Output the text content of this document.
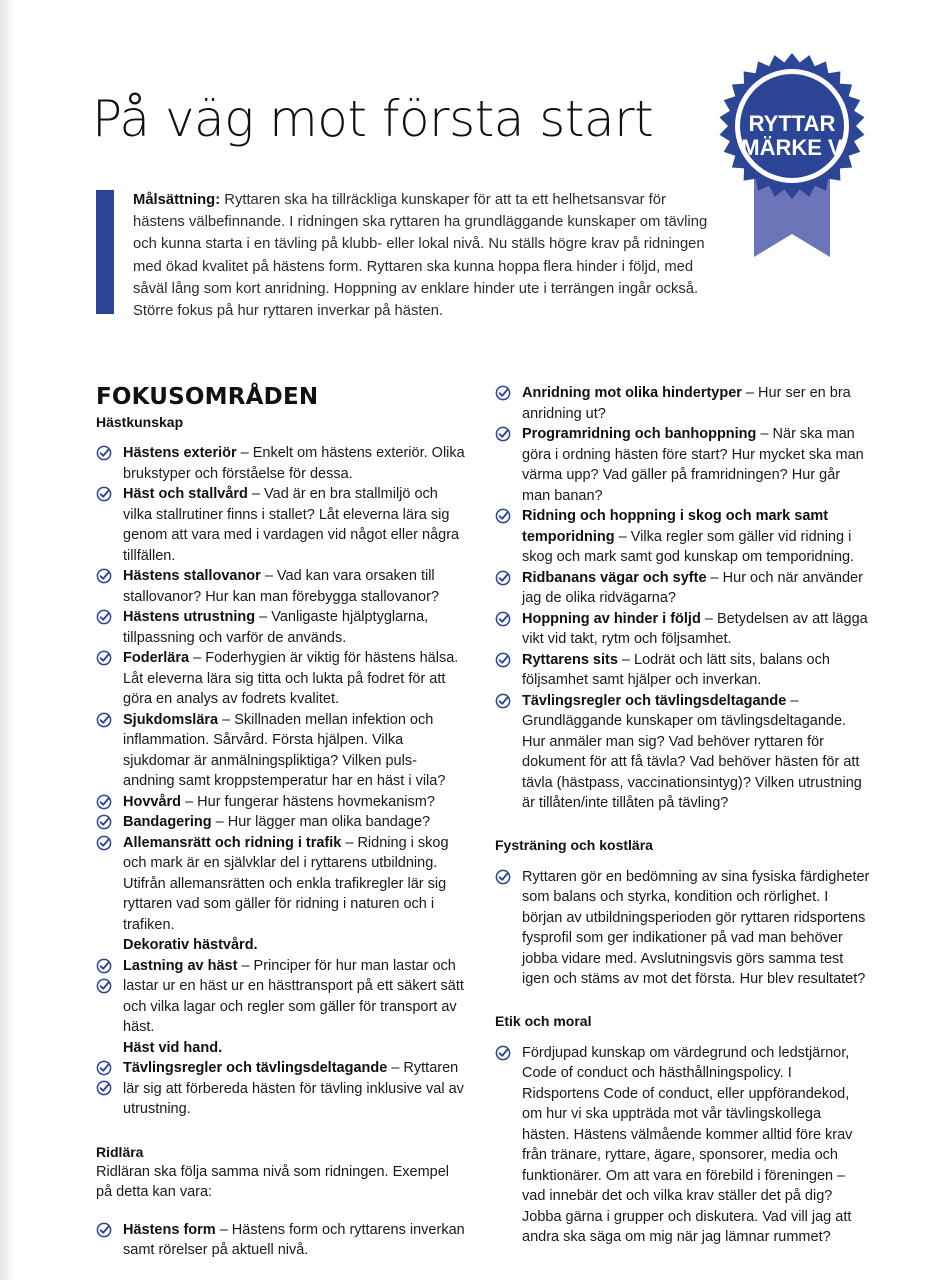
På väg mot första start	RYTTAR
MÄRKE V

Målsättning: Ryttaren ska ha tillräckliga kunskaper för att ta ett helhetsansvar för hästens välbefinnande. I ridningen ska ryttaren ha grundläggande kunskaper om tävling och kunna starta i en tävling på klubb- eller lokal nivå. Nu ställs högre krav på ridningen med ökad kvalitet på hästens form. Ryttaren ska kunna hoppa flera hinder i följd, med såväl lång som kort anridning. Hoppning av enklare hinder ute i terrängen ingår också. Större fokus på hur ryttaren inverkar på hästen.

FOKUSOMRÅDEN

Hästkunskap

Hästens exteriör – Enkelt om hästens exteriör. Olika brukstyper och förståelse för dessa.
Häst och stallvård – Vad är en bra stallmiljö och vilka stallrutiner finns i stallet? Låt eleverna lära sig genom att vara med i vardagen vid något eller några tillfällen.
Hästens stallovanor – Vad kan vara orsaken till stallovanor? Hur kan man förebygga stallovanor?
Hästens utrustning – Vanligaste hjälptyglarna, tillpassning och varför de används.
Foderlära – Foderhygien är viktig för hästens hälsa. Låt eleverna lära sig titta och lukta på fodret för att göra en analys av fodrets kvalitet.
Sjukdomslära – Skillnaden mellan infektion och inflammation. Sårvård. Första hjälpen. Vilka sjukdomar är anmälningspliktiga? Vilken puls- andning samt kroppstemperatur har en häst i vila?
Hovvård – Hur fungerar hästens hovmekanism?
Bandagering – Hur lägger man olika bandage?
Allemansrätt och ridning i trafik – Ridning i skog och mark är en självklar del i ryttarens utbildning. Utifrån allemansrätten och enkla trafikregler lär sig ryttaren vad som gäller för ridning i naturen och i trafiken.

Dekorativ hästvård.

Lastning av häst – Principer för hur man lastar och lastar ur en häst ur en hästtransport på ett säkert sätt och vilka lagar och regler som gäller för transport av häst.

Häst vid hand.

Tävlingsregler och tävlingsdeltagande – Ryttaren lär sig att förbereda hästen för tävling inklusive val av utrustning.

Ridlära

Ridläran ska följa samma nivå som ridningen. Exempel på detta kan vara:

Hästens form – Hästens form och ryttarens inverkan samt rörelser på aktuell nivå.
Anridning mot olika hindertyper – Hur ser en bra anridning ut?
Programridning och banhoppning – När ska man göra i ordning hästen före start? Hur mycket ska man värma upp? Vad gäller på framridningen? Hur går man banan?
Ridning och hoppning i skog och mark samt temporidning – Vilka regler som gäller vid ridning i skog och mark samt god kunskap om temporidning.
Ridbanans vägar och syfte – Hur och när använder jag de olika ridvägarna?
Hoppning av hinder i följd – Betydelsen av att lägga vikt vid takt, rytm och följsamhet.
Ryttarens sits – Lodrät och lätt sits, balans och följsamhet samt hjälper och inverkan.
Tävlingsregler och tävlingsdeltagande – Grundläggande kunskaper om tävlingsdeltagande. Hur anmäler man sig? Vad behöver ryttaren för dokument för att få tävla? Vad behöver hästen för att tävla (hästpass, vaccinationsintyg)? Vilken utrustning är tillåten/inte tillåten på tävling?

Fysträning och kostlära

Ryttaren gör en bedömning av sina fysiska färdigheter som balans och styrka, kondition och rörlighet. I början av utbildningsperioden gör ryttaren ridsportens fysprofil som ger indikationer på vad man behöver jobba vidare med. Avslutningsvis görs samma test igen och stäms av mot det första. Hur blev resultatet?

Etik och moral

Fördjupad kunskap om värdegrund och ledstjärnor, Code of conduct och hästhållningspolicy. I Ridsportens Code of conduct, eller uppförandekod, om hur vi ska uppträda mot vår tävlingskollega hästen. Hästens välmående kommer alltid före krav från tränare, ryttare, ägare, sponsorer, media och funktionärer. Om att vara en förebild i föreningen – vad innebär det och vilka krav ställer det på dig? Jobba gärna i grupper och diskutera. Vad vill jag att andra ska säga om mig när jag lämnar rummet?
